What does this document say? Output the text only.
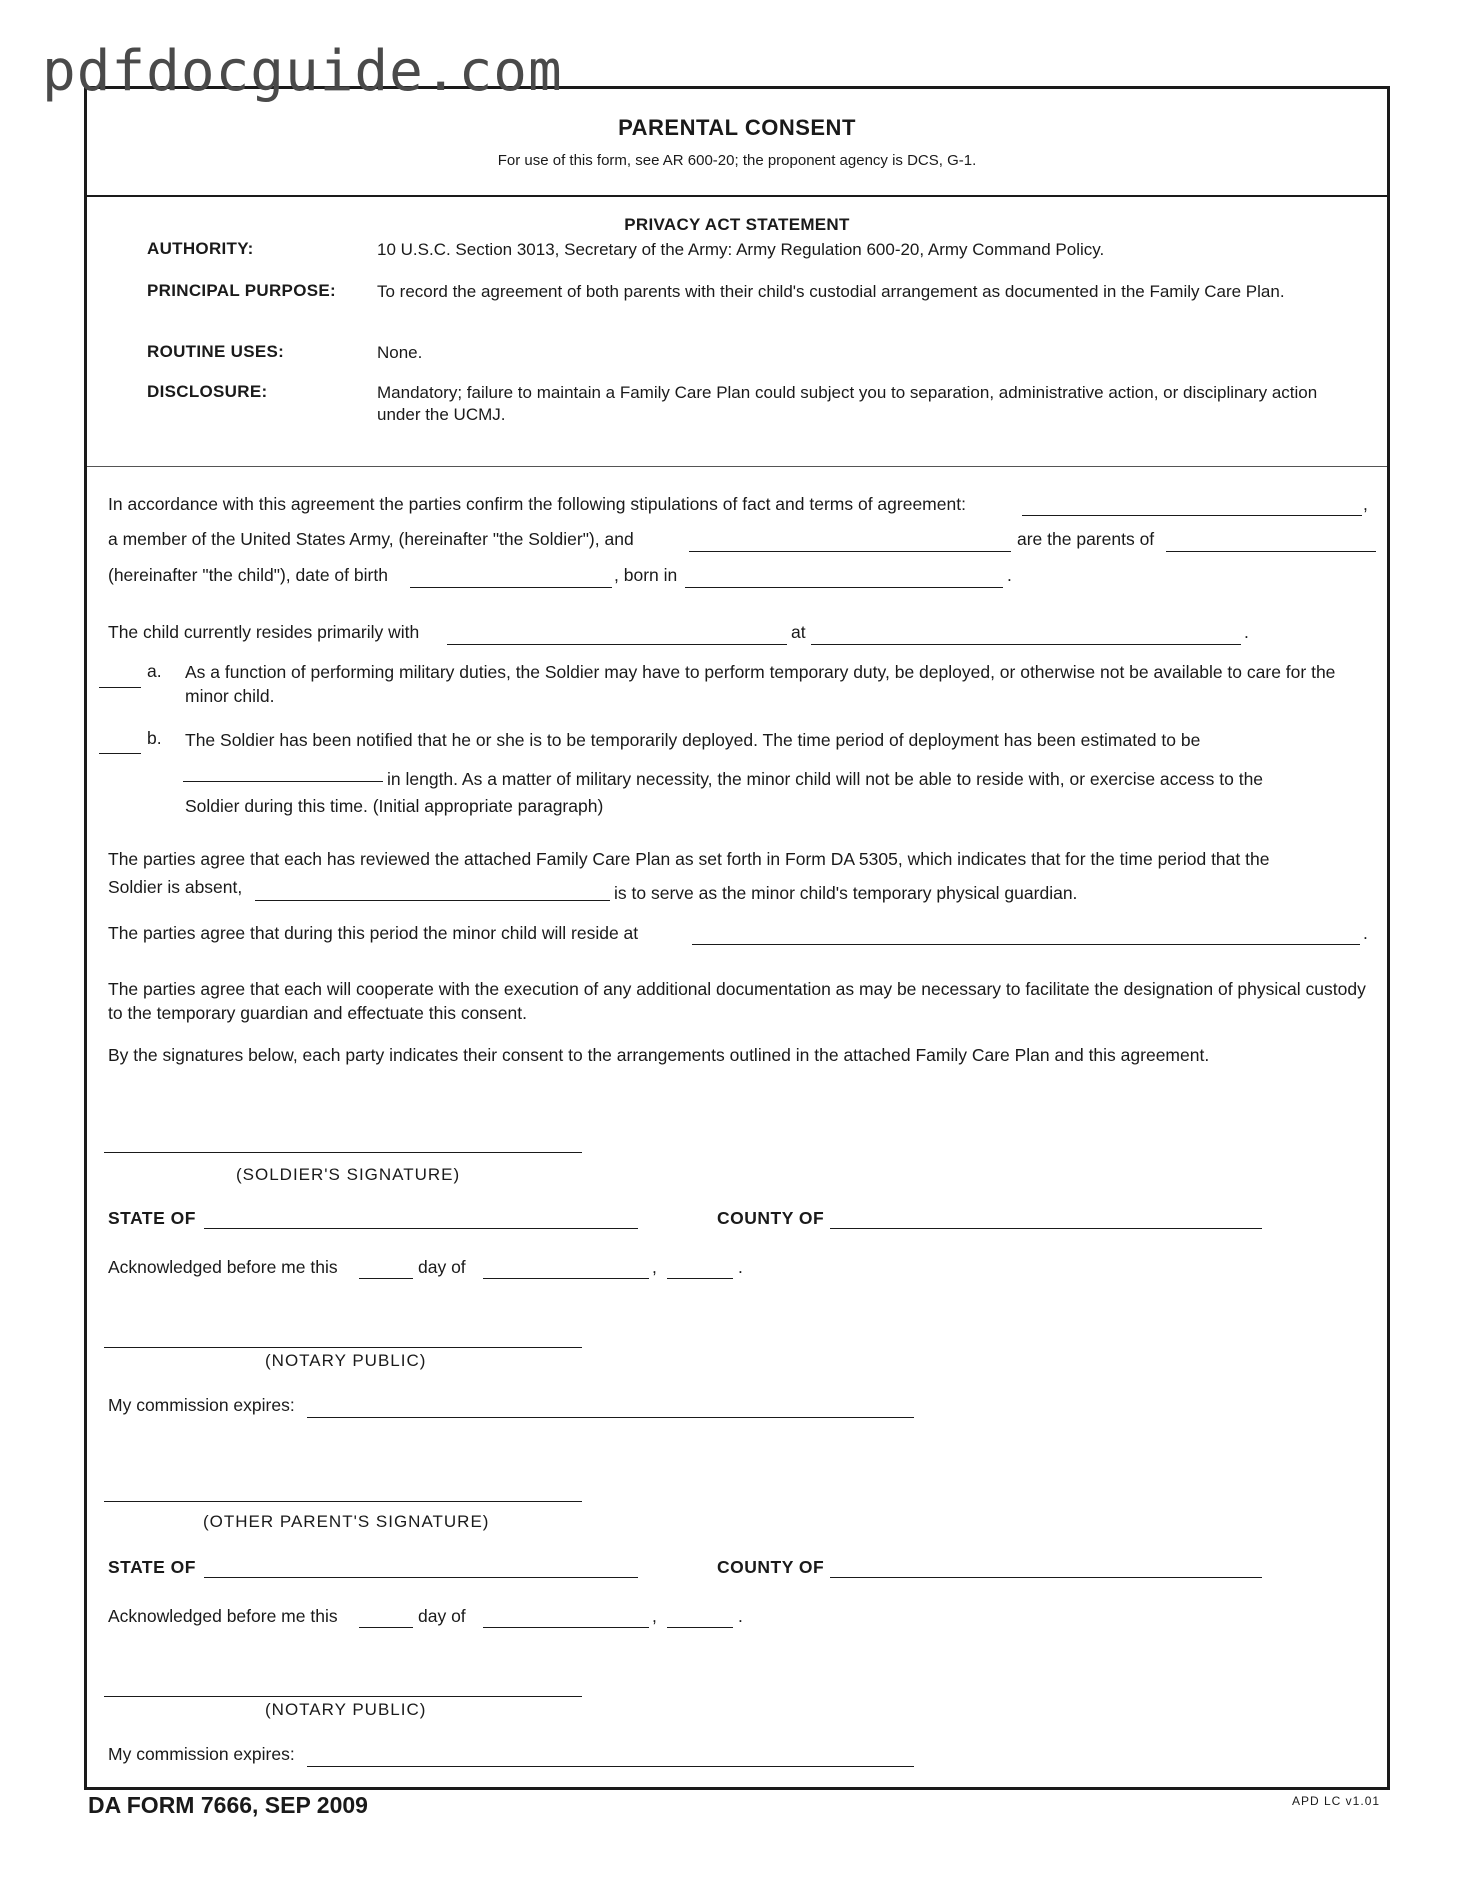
pdfdocguide.com
PARENTAL CONSENT
For use of this form, see AR 600-20; the proponent agency is DCS, G-1.
PRIVACY ACT STATEMENT
AUTHORITY:	10 U.S.C. Section 3013, Secretary of the Army: Army Regulation 600-20, Army Command Policy.
PRINCIPAL PURPOSE:	To record the agreement of both parents with their child's custodial arrangement as documented in the Family Care Plan.
ROUTINE USES:	None.
DISCLOSURE:	Mandatory; failure to maintain a Family Care Plan could subject you to separation, administrative action, or disciplinary action under the UCMJ.
In accordance with this agreement the parties confirm the following stipulations of fact and terms of agreement:	,
a member of the United States Army, (hereinafter "the Soldier"), and	are the parents of
(hereinafter "the child"), date of birth	, born in	.
The child currently resides primarily with	at	.
a. As a function of performing military duties, the Soldier may have to perform temporary duty, be deployed, or otherwise not be available to care for the minor child.
b. The Soldier has been notified that he or she is to be temporarily deployed. The time period of deployment has been estimated to be
in length. As a matter of military necessity, the minor child will not be able to reside with, or exercise access to the
Soldier during this time. (Initial appropriate paragraph)
The parties agree that each has reviewed the attached Family Care Plan as set forth in Form DA 5305, which indicates that for the time period that the
Soldier is absent,	is to serve as the minor child's temporary physical guardian.
The parties agree that during this period the minor child will reside at	.
The parties agree that each will cooperate with the execution of any additional documentation as may be necessary to facilitate the designation of physical custody to the temporary guardian and effectuate this consent.
By the signatures below, each party indicates their consent to the arrangements outlined in the attached Family Care Plan and this agreement.
(SOLDIER'S SIGNATURE)
STATE OF	COUNTY OF
Acknowledged before me this	day of	,	.
(NOTARY PUBLIC)
My commission expires:
(OTHER PARENT'S SIGNATURE)
STATE OF	COUNTY OF
Acknowledged before me this	day of	,	.
(NOTARY PUBLIC)
My commission expires:
DA FORM 7666, SEP 2009	APD LC v1.01
